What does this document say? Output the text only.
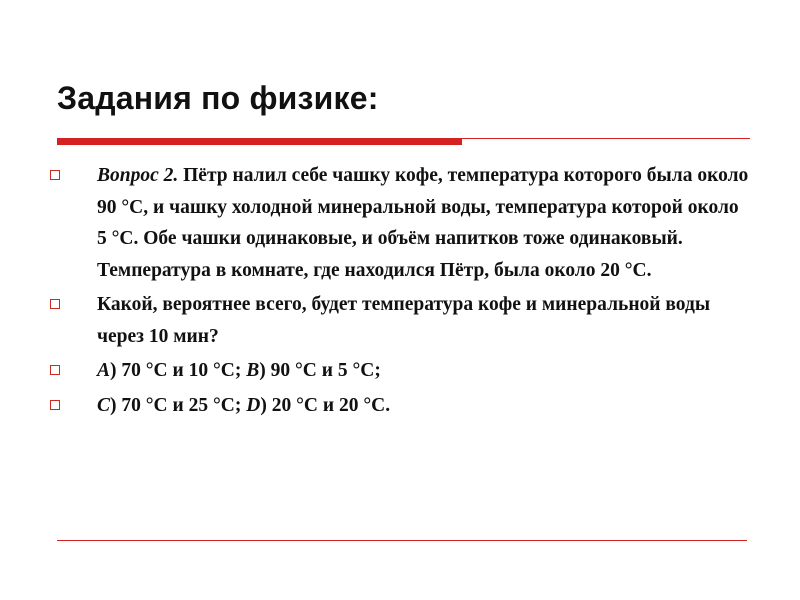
Задания по физике:
Вопрос 2. Пётр налил себе чашку кофе, температура которого была около 90 °С, и чашку холодной минеральной воды, температура которой около 5 °С. Обе чашки одинаковые, и объём напитков тоже одинаковый. Температура в комнате, где находился Пётр, была около 20 °С.
Какой, вероятнее всего, будет температура кофе и минеральной воды через 10 мин?
A) 70 °С и 10 °С; B) 90 °С и 5 °С;
C) 70 °С и 25 °С; D) 20 °С и 20 °С.
